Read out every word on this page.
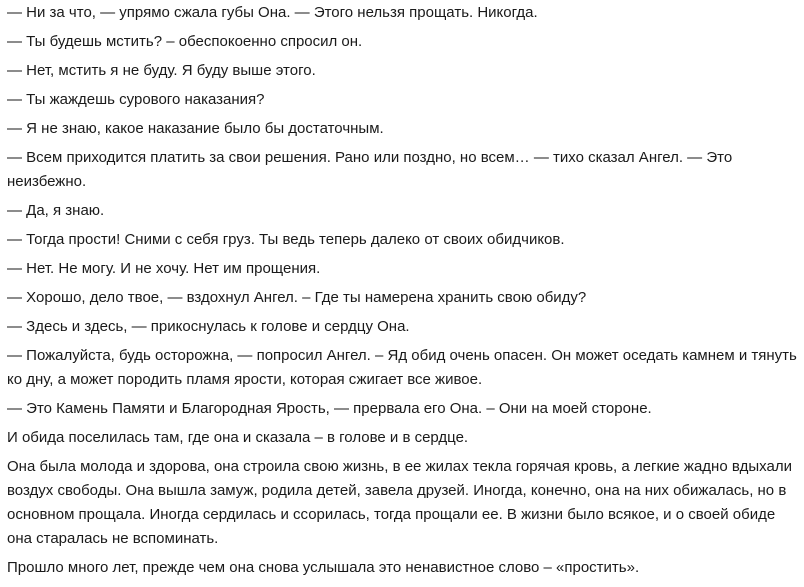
— Ни за что, — упрямо сжала губы Она. — Этого нельзя прощать. Никогда.

— Ты будешь мстить? – обеспокоенно спросил он.

— Нет, мстить я не буду. Я буду выше этого.

— Ты жаждешь сурового наказания?

— Я не знаю, какое наказание было бы достаточным.

— Всем приходится платить за свои решения. Рано или поздно, но всем… — тихо сказал Ангел. — Это неизбежно.

— Да, я знаю.

— Тогда прости! Сними с себя груз. Ты ведь теперь далеко от своих обидчиков.

— Нет. Не могу. И не хочу. Нет им прощения.

— Хорошо, дело твое, — вздохнул Ангел. – Где ты намерена хранить свою обиду?

— Здесь и здесь, — прикоснулась к голове и сердцу Она.

— Пожалуйста, будь осторожна, — попросил Ангел. – Яд обид очень опасен. Он может оседать камнем и тянуть ко дну, а может породить пламя ярости, которая сжигает все живое.

— Это Камень Памяти и Благородная Ярость, — прервала его Она. – Они на моей стороне.

И обида поселилась там, где она и сказала – в голове и в сердце.

Она была молода и здорова, она строила свою жизнь, в ее жилах текла горячая кровь, а легкие жадно вдыхали воздух свободы. Она вышла замуж, родила детей, завела друзей. Иногда, конечно, она на них обижалась, но в основном прощала. Иногда сердилась и ссорилась, тогда прощали ее. В жизни было всякое, и о своей обиде она старалась не вспоминать.

Прошло много лет, прежде чем она снова услышала это ненавистное слово – «простить».
